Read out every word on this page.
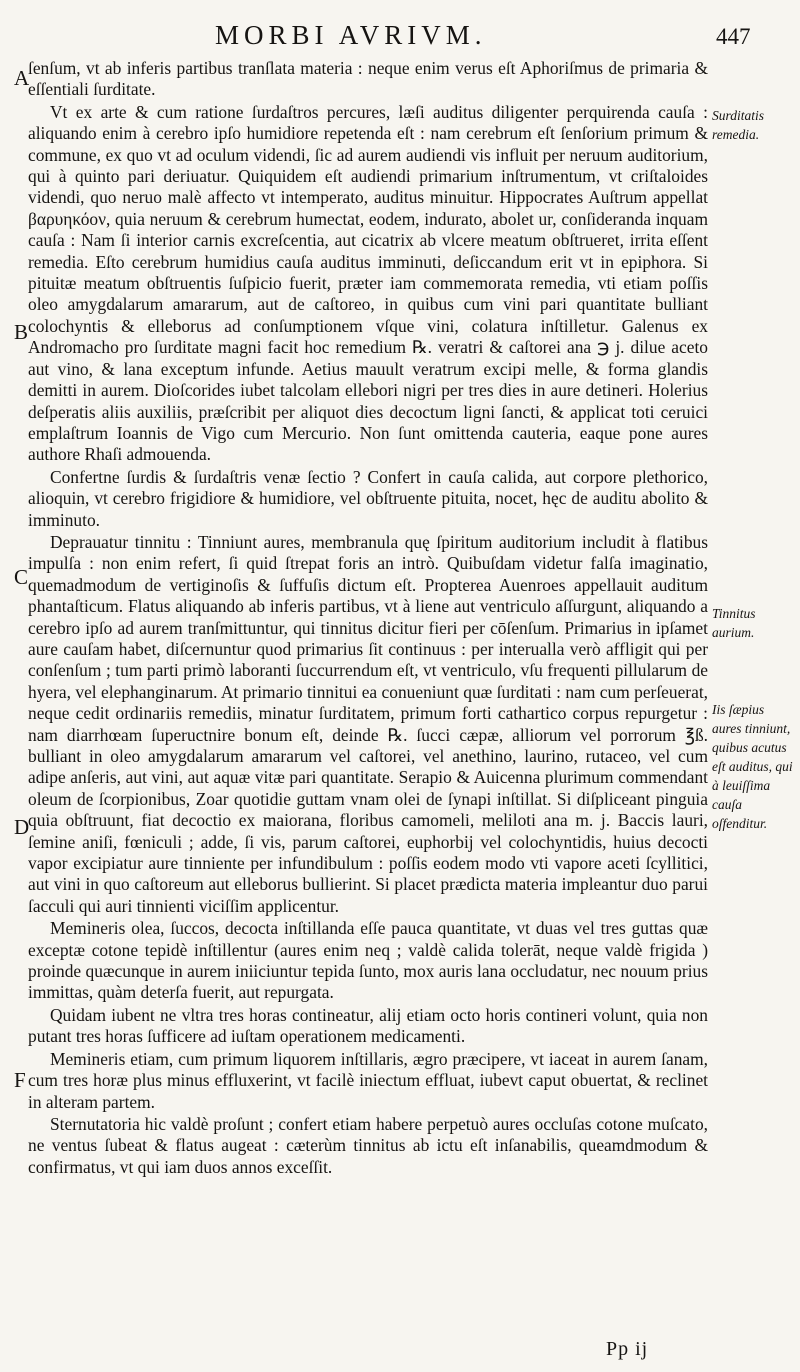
MORBI AVRIVM.	447
A
B
C
D
F
Surditatis remedia.
Tinnitus aurium.
Iis ſæpius aures tinniunt, quibus acutus eſt auditus, qui à leuiſſima cauſa oſfenditur.

ſenſum, vt ab inferis partibus tranſlata materia : neque enim verus eſt Aphoriſmus de primaria & eſſentiali ſurditate.

Vt ex arte & cum ratione ſurdaſtros percures, læſi auditus diligenter perquirenda cauſa : aliquando enim à cerebro ipſo humidiore repetenda eſt : nam cerebrum eſt ſenſorium primum & commune, ex quo vt ad oculum videndi, ſic ad aurem audiendi vis influit per neruum auditorium, qui à quinto pari deriuatur. Quiquidem eſt audiendi primarium inſtrumentum, vt criſtaloides videndi, quo neruo malè affecto vt intemperato, auditus minuitur. Hippocrates Auſtrum appellat βαρυηκόον, quia neruum & cerebrum humectat, eodem, indurato, abolet ur, conſideranda inquam cauſa : Nam ſi interior carnis excreſcentia, aut cicatrix ab vlcere meatum obſtrueret, irrita eſſent remedia. Eſto cerebrum humidius cauſa auditus imminuti, deſiccandum erit vt in epiphora. Si pituitæ meatum obſtruentis ſuſpicio fuerit, præter iam commemorata remedia, vti etiam poſſis oleo amygdalarum amararum, aut de caſtoreo, in quibus cum vini pari quantitate bulliant colochyntis & elleborus ad conſumptionem vſque vini, colatura inſtilletur. Galenus ex Andromacho pro ſurditate magni facit hoc remedium ℞. veratri & caſtorei ana ℈ j. dilue aceto aut vino, & lana exceptum infunde. Aetius mauult veratrum excipi melle, & forma glandis demitti in aurem. Dioſcorides iubet talcolam ellebori nigri per tres dies in aure detineri. Holerius deſperatis aliis auxiliis, præſcribit per aliquot dies decoctum ligni ſancti, & applicat toti ceruici emplaſtrum Ioannis de Vigo cum Mercurio. Non ſunt omittenda cauteria, eaque pone aures authore Rhaſi admouenda.

Confertne ſurdis & ſurdaſtris venæ ſectio ? Confert in cauſa calida, aut corpore plethorico, alioquin, vt cerebro frigidiore & humidiore, vel obſtruente pituita, nocet, hęc de auditu abolito & imminuto.

Deprauatur tinnitu : Tinniunt aures, membranula quę ſpiritum auditorium includit à flatibus impulſa : non enim refert, ſi quid ſtrepat foris an intrò. Quibuſdam videtur falſa imaginatio, quemadmodum de vertiginoſis & ſuffuſis dictum eſt. Propterea Auenroes appellauit auditum phantaſticum. Flatus aliquando ab inferis partibus, vt à liene aut ventriculo aſſurgunt, aliquando a cerebro ipſo ad aurem tranſmittuntur, qui tinnitus dicitur fieri per cōſenſum. Primarius in ipſamet aure cauſam habet, diſcernuntur quod primarius ſit continuus : per interualla verò affligit qui per conſenſum ; tum parti primò laboranti ſuccurrendum eſt, vt ventriculo, vſu frequenti pillularum de hyera, vel elephanginarum. At primario tinnitui ea conueniunt quæ ſurditati : nam cum perſeuerat, neque cedit ordinariis remediis, minatur ſurditatem, primum forti cathartico corpus repurgetur : nam diarrhœam ſupeructnire bonum eſt, deinde ℞. ſucci cæpæ, alliorum vel porrorum ℥ß. bulliant in oleo amygdalarum amararum vel caſtorei, vel anethino, laurino, rutaceo, vel cum adipe anſeris, aut vini, aut aquæ vitæ pari quantitate. Serapio & Auicenna plurimum commendant oleum de ſcorpionibus, Zoar quotidie guttam vnam olei de ſynapi inſtillat. Si diſpliceant pinguia quia obſtruunt, fiat decoctio ex maiorana, floribus camomeli, meliloti ana m. j. Baccis lauri, ſemine aniſi, fœniculi ; adde, ſi vis, parum caſtorei, euphorbij vel colochyntidis, huius decocti vapor excipiatur aure tinniente per infundibulum : poſſis eodem modo vti vapore aceti ſcyllitici, aut vini in quo caſtoreum aut elleborus bullierint. Si placet prædicta materia impleantur duo parui ſacculi qui auri tinnienti viciſſim applicentur.

Memineris olea, ſuccos, decocta inſtillanda eſſe pauca quantitate, vt duas vel tres guttas quæ exceptæ cotone tepidè inſtillentur (aures enim neq ; valdè calida tolerāt, neque valdè frigida ) proinde quæcunque in aurem iniiciuntur tepida ſunto, mox auris lana occludatur, nec nouum prius immittas, quàm deterſa fuerit, aut repurgata.

Quidam iubent ne vltra tres horas contineatur, alij etiam octo horis contineri volunt, quia non putant tres horas ſufficere ad iuſtam operationem medicamenti.

Memineris etiam, cum primum liquorem inſtillaris, ægro præcipere, vt iaceat in aurem ſanam, cum tres horæ plus minus effluxerint, vt facilè iniectum effluat, iubevt caput obuertat, & reclinet in alteram partem.

Sternutatoria hic valdè proſunt ; confert etiam habere perpetuò aures occluſas cotone muſcato, ne ventus ſubeat & flatus augeat : cæterùm tinnitus ab ictu eſt inſanabilis, queamdmodum & confirmatus, vt qui iam duos annos exceſſit.

Pp ij
